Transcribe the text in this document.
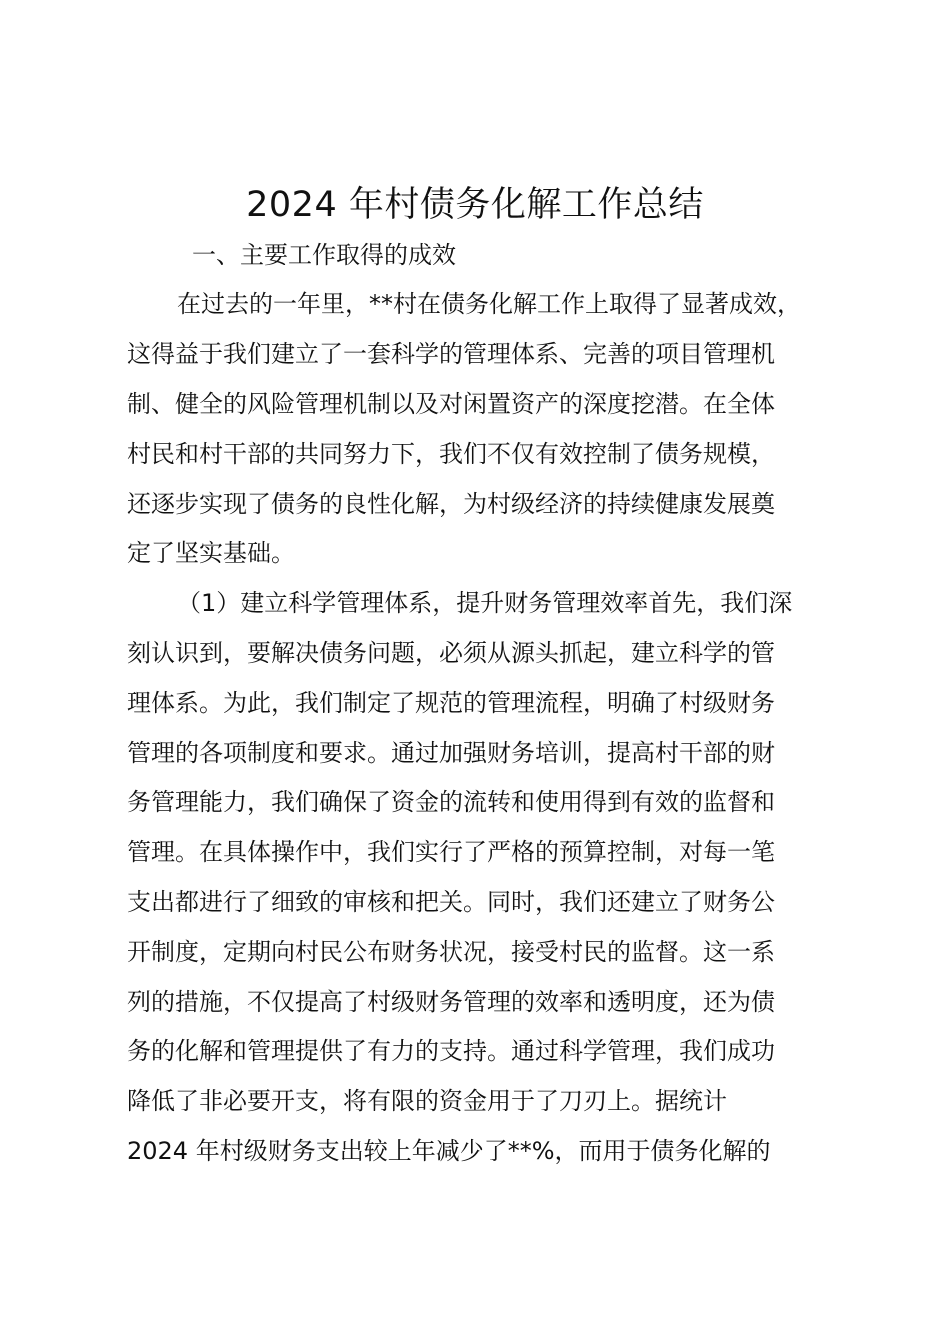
2024 年村债务化解工作总结
一、主要工作取得的成效
在过去的一年里，**村在债务化解工作上取得了显著成效，
这得益于我们建立了一套科学的管理体系、完善的项目管理机
制、健全的风险管理机制以及对闲置资产的深度挖潜。在全体
村民和村干部的共同努力下，我们不仅有效控制了债务规模，
还逐步实现了债务的良性化解，为村级经济的持续健康发展奠
定了坚实基础。
（1）建立科学管理体系，提升财务管理效率首先，我们深
刻认识到，要解决债务问题，必须从源头抓起，建立科学的管
理体系。为此，我们制定了规范的管理流程，明确了村级财务
管理的各项制度和要求。通过加强财务培训，提高村干部的财
务管理能力，我们确保了资金的流转和使用得到有效的监督和
管理。在具体操作中，我们实行了严格的预算控制，对每一笔
支出都进行了细致的审核和把关。同时，我们还建立了财务公
开制度，定期向村民公布财务状况，接受村民的监督。这一系
列的措施，不仅提高了村级财务管理的效率和透明度，还为债
务的化解和管理提供了有力的支持。通过科学管理，我们成功
降低了非必要开支，将有限的资金用于了刀刃上。据统计
2024 年村级财务支出较上年减少了**%，而用于债务化解的
